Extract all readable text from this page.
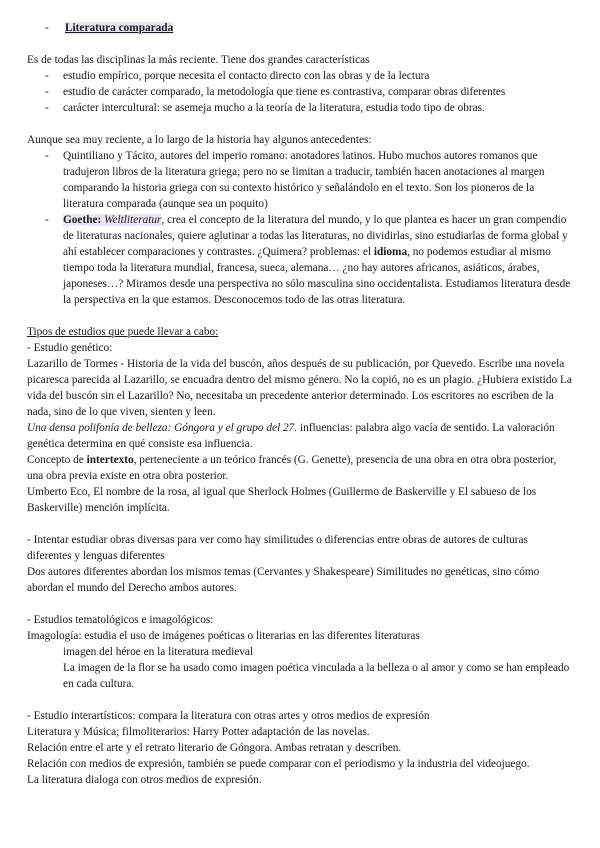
- Literatura comparada

Es de todas las disciplinas la más reciente. Tiene dos grandes características

- estudio empírico, porque necesita el contacto directo con las obras y de la lectura
- estudio de carácter comparado, la metodología que tiene es contrastiva, comparar obras diferentes
- carácter intercultural: se asemeja mucho a la teoría de la literatura, estudia todo tipo de obras.

Aunque sea muy reciente, a lo largo de la historia hay algunos antecedentes:

- Quintiliano y Tácito, autores del imperio romano: anotadores latinos. Hubo muchos autores romanos que tradujeron libros de la literatura griega; pero no se limitan a traducir, también hacen anotaciones al margen comparando la historia griega con su contexto histórico y señalándolo en el texto. Son los pioneros de la literatura comparada (aunque sea un poquito)
- Goethe: Weltliteratur, crea el concepto de la literatura del mundo, y lo que plantea es hacer un gran compendio de literaturas nacionales, quiere aglutinar a todas las literaturas, no dividirlas, sino estudiarlas de forma global y ahí establecer comparaciones y contrastes. ¿Quimera? problemas: el idioma, no podemos estudiar al mismo tiempo toda la literatura mundial, francesa, sueca, alemana… ¿no hay autores africanos, asiáticos, árabes, japoneses…? Miramos desde una perspectiva no sólo masculina sino occidentalista. Estudiamos literatura desde la perspectiva en la que estamos. Desconocemos todo de las otras literatura.

Tipos de estudios que puede llevar a cabo:

- Estudio genético:

Lazarillo de Tormes - Historia de la vida del buscón, años después de su publicación, por Quevedo. Escribe una novela picaresca parecida al Lazarillo, se encuadra dentro del mismo género. No la copió, no es un plagio. ¿Hubiera existido La vida del buscón sin el Lazarillo? No, necesitaba un precedente anterior determinado. Los escritores no escriben de la nada, sino de lo que viven, sienten y leen.

Una densa polifonía de belleza: Góngora y el grupo del 27. influencias: palabra algo vacía de sentido. La valoración genética determina en qué consiste esa influencia.

Concepto de intertexto, perteneciente a un teórico francés (G. Genette), presencia de una obra en otra obra posterior, una obra previa existe en otra obra posterior.

Umberto Eco, El nombre de la rosa, al igual que Sherlock Holmes (Guillermo de Baskerville y El sabueso de los Baskerville) mención implícita.

- Intentar estudiar obras diversas para ver como hay similitudes o diferencias entre obras de autores de culturas diferentes y lenguas diferentes

Dos autores diferentes abordan los mismos temas (Cervantes y Shakespeare) Similitudes no genéticas, sino cómo abordan el mundo del Derecho ambos autores.

- Estudios tematológicos e imagológicos:

Imagología: estudia el uso de imágenes poéticas o literarias en las diferentes literaturas

imagen del héroe en la literatura medieval

La imagen de la flor se ha usado como imagen poética vinculada a la belleza o al amor y como se han empleado en cada cultura.

- Estudio interartísticos: compara la literatura con otras artes y otros medios de expresión

Literatura y Música; filmoliterarios: Harry Potter adaptación de las novelas.

Relación entre el arte y el retrato literario de Góngora. Ambas retratan y describen.

Relación con medios de expresión, también se puede comparar con el periodismo y la industria del videojuego.

La literatura dialoga con otros medios de expresión.
